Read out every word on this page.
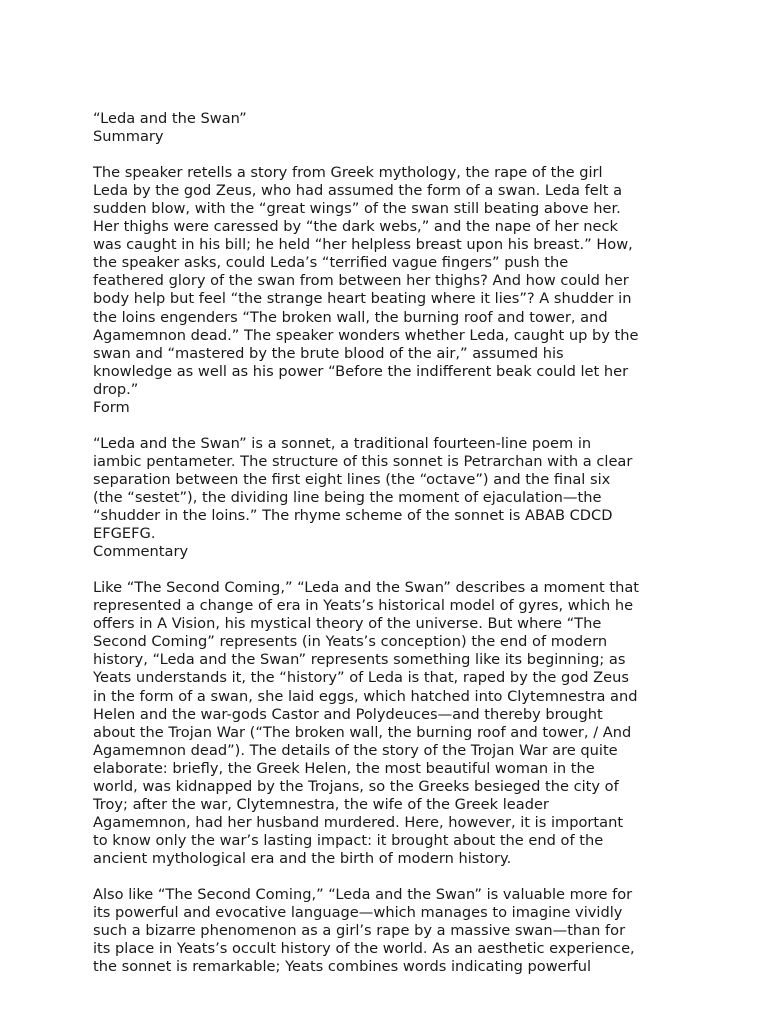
“Leda and the Swan”
Summary
The speaker retells a story from Greek mythology, the rape of the girl
Leda by the god Zeus, who had assumed the form of a swan. Leda felt a
sudden blow, with the “great wings” of the swan still beating above her.
Her thighs were caressed by “the dark webs,” and the nape of her neck
was caught in his bill; he held “her helpless breast upon his breast.” How,
the speaker asks, could Leda’s “terrified vague fingers” push the
feathered glory of the swan from between her thighs? And how could her
body help but feel “the strange heart beating where it lies”? A shudder in
the loins engenders “The broken wall, the burning roof and tower, and
Agamemnon dead.” The speaker wonders whether Leda, caught up by the
swan and “mastered by the brute blood of the air,” assumed his
knowledge as well as his power “Before the indifferent beak could let her
drop.”
Form
“Leda and the Swan” is a sonnet, a traditional fourteen-line poem in
iambic pentameter. The structure of this sonnet is Petrarchan with a clear
separation between the first eight lines (the “octave”) and the final six
(the “sestet”), the dividing line being the moment of ejaculation—the
“shudder in the loins.” The rhyme scheme of the sonnet is ABAB CDCD
EFGEFG.
Commentary
Like “The Second Coming,” “Leda and the Swan” describes a moment that
represented a change of era in Yeats’s historical model of gyres, which he
offers in A Vision, his mystical theory of the universe. But where “The
Second Coming” represents (in Yeats’s conception) the end of modern
history, “Leda and the Swan” represents something like its beginning; as
Yeats understands it, the “history” of Leda is that, raped by the god Zeus
in the form of a swan, she laid eggs, which hatched into Clytemnestra and
Helen and the war-gods Castor and Polydeuces—and thereby brought
about the Trojan War (“The broken wall, the burning roof and tower, / And
Agamemnon dead”). The details of the story of the Trojan War are quite
elaborate: briefly, the Greek Helen, the most beautiful woman in the
world, was kidnapped by the Trojans, so the Greeks besieged the city of
Troy; after the war, Clytemnestra, the wife of the Greek leader
Agamemnon, had her husband murdered. Here, however, it is important
to know only the war’s lasting impact: it brought about the end of the
ancient mythological era and the birth of modern history.
Also like “The Second Coming,” “Leda and the Swan” is valuable more for
its powerful and evocative language—which manages to imagine vividly
such a bizarre phenomenon as a girl’s rape by a massive swan—than for
its place in Yeats’s occult history of the world. As an aesthetic experience,
the sonnet is remarkable; Yeats combines words indicating powerful
